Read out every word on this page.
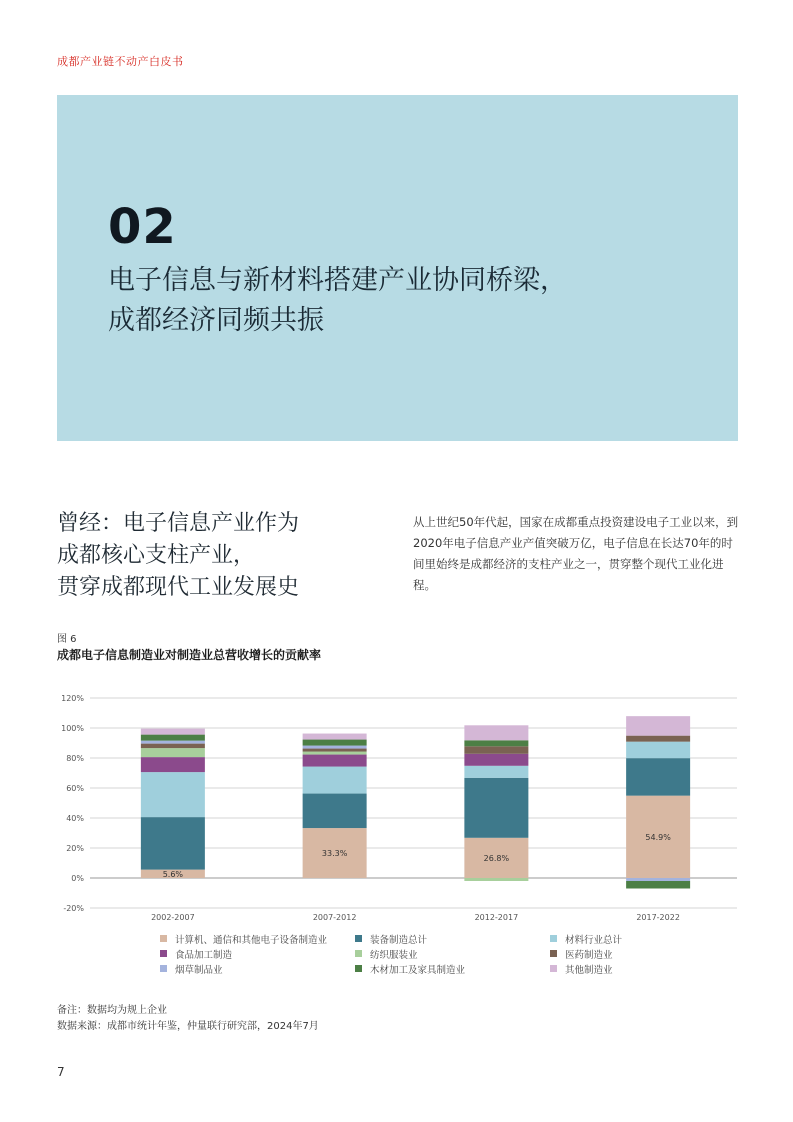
成都产业链不动产白皮书
02
电子信息与新材料搭建产业协同桥梁，
成都经济同频共振
曾经：电子信息产业作为
成都核心支柱产业，
贯穿成都现代工业发展史
从上世纪50年代起，国家在成都重点投资建设电子工业以来，到2020年电子信息产业产值突破万亿，电子信息在长达70年的时间里始终是成都经济的支柱产业之一，贯穿整个现代工业化进程。
图 6
成都电子信息制造业对制造业总营收增长的贡献率
120%
100%
80%
60%
40%
20%
0%
-20%
5.6%
2002-2007
33.3%
2007-2012
26.8%
2012-2017
54.9%
2017-2022
计算机、通信和其他电子设备制造业	装备制造总计	材料行业总计
食品加工制造	纺织服装业	医药制造业
烟草制品业	木材加工及家具制造业	其他制造业
备注：数据均为规上企业
数据来源：成都市统计年鉴，仲量联行研究部，2024年7月
7
